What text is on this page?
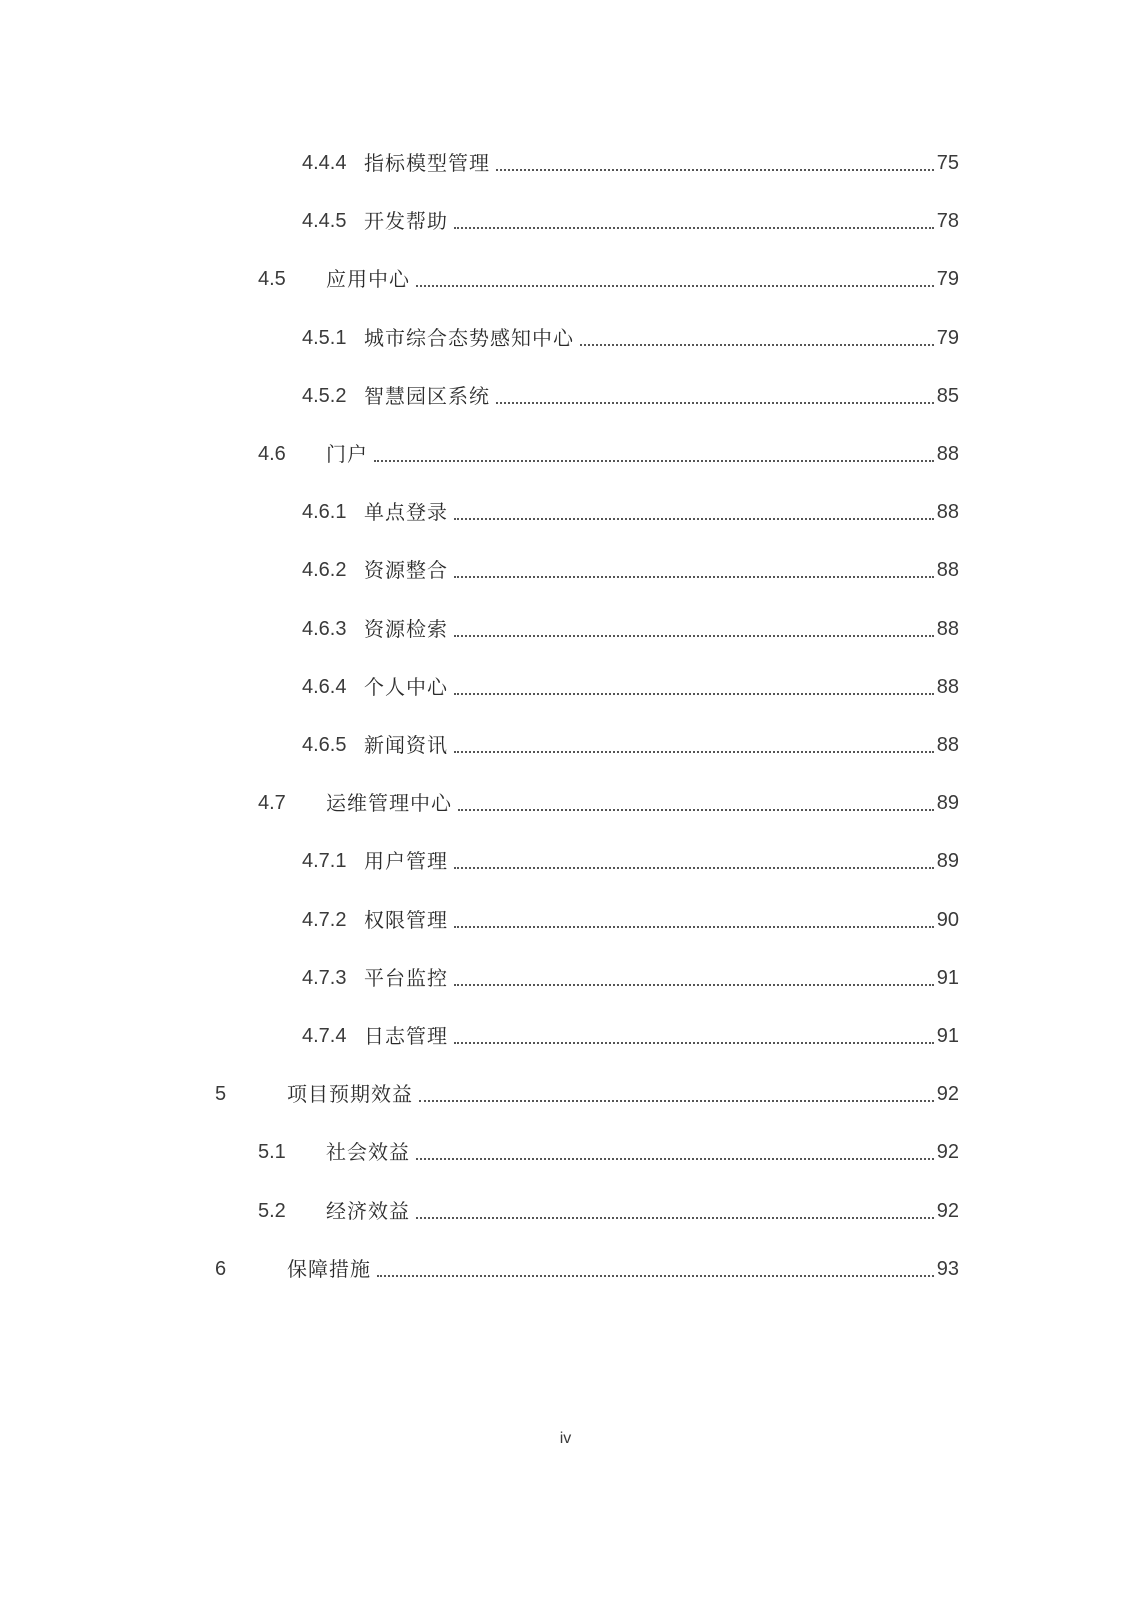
4.4.4 指标模型管理	75
4.4.5 开发帮助	78
4.5	应用中心	79
4.5.1 城市综合态势感知中心	79
4.5.2 智慧园区系统	85
4.6	门户	88
4.6.1 单点登录	88
4.6.2 资源整合	88
4.6.3 资源检索	88
4.6.4 个人中心	88
4.6.5 新闻资讯	88
4.7	运维管理中心	89
4.7.1 用户管理	89
4.7.2 权限管理	90
4.7.3 平台监控	91
4.7.4 日志管理	91
5	项目预期效益	92
5.1	社会效益	92
5.2	经济效益	92
6	保障措施	93
iv
